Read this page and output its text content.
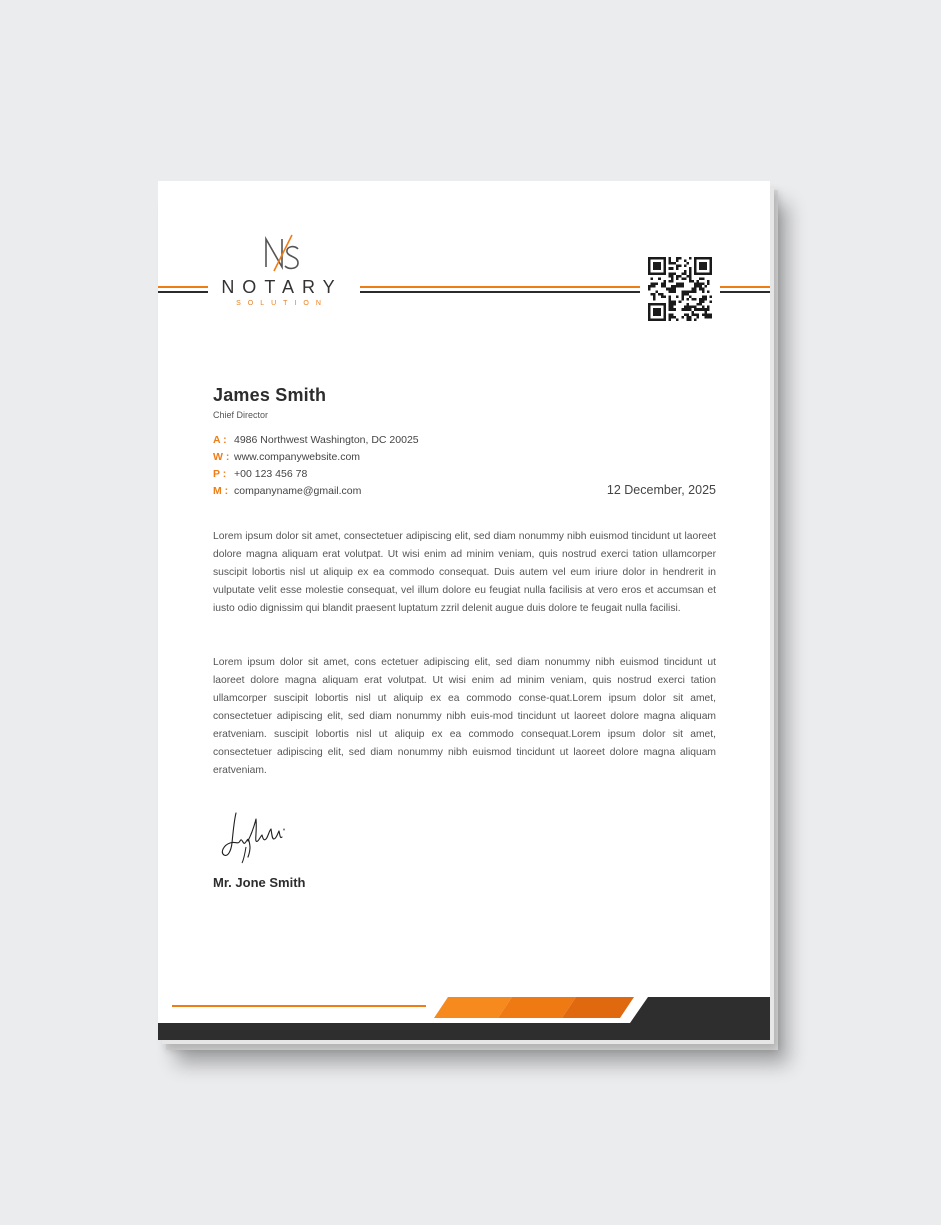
NOTARY
SOLUTION
James Smith
Chief Director
A : 4986 Northwest Washington, DC 20025
W : www.companywebsite.com
P : +00 123 456 78
M : companyname@gmail.com	12 December, 2025

Lorem ipsum dolor sit amet, consectetuer adipiscing elit, sed diam nonummy nibh euismod tincidunt ut laoreet dolore magna aliquam erat volutpat. Ut wisi enim ad minim veniam, quis nostrud exerci tation ullamcorper suscipit lobortis nisl ut aliquip ex ea commodo consequat. Duis autem vel eum iriure dolor in hendrerit in vulputate velit esse molestie consequat, vel illum dolore eu feugiat nulla facilisis at vero eros et accumsan et iusto odio dignissim qui blandit praesent luptatum zzril delenit augue duis dolore te feugait nulla facilisi.

Lorem ipsum dolor sit amet, cons ectetuer adipiscing elit, sed diam nonummy nibh euismod tincidunt ut laoreet dolore magna aliquam erat volutpat. Ut wisi enim ad minim veniam, quis nostrud exerci tation ullamcorper suscipit lobortis nisl ut aliquip ex ea commodo conse-quat.Lorem ipsum dolor sit amet, consectetuer adipiscing elit, sed diam nonummy nibh euis-mod tincidunt ut laoreet dolore magna aliquam eratveniam. suscipit lobortis nisl ut aliquip ex ea commodo consequat.Lorem ipsum dolor sit amet, consectetuer adipiscing elit, sed diam nonummy nibh euismod tincidunt ut laoreet dolore magna aliquam eratveniam.

Mr. Jone Smith
